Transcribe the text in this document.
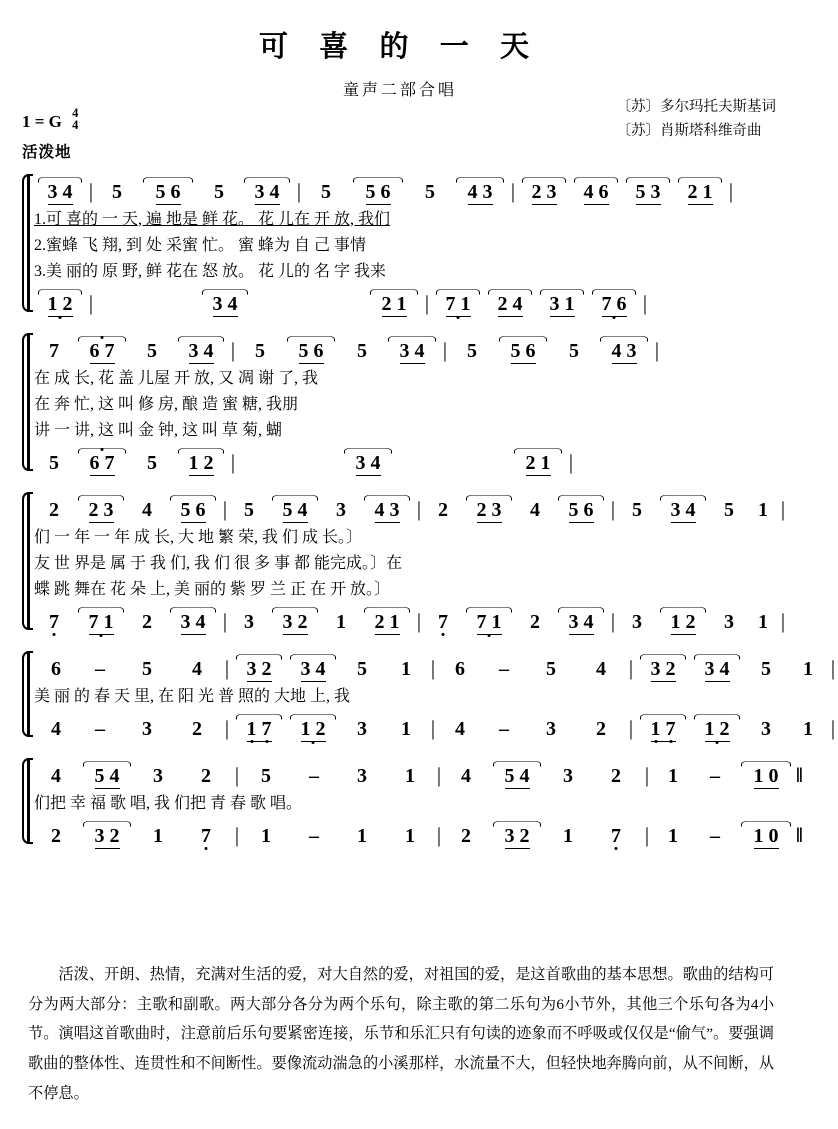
可 喜 的 一 天
童声二部合唱
〔苏〕多尔玛托夫斯基词
〔苏〕肖斯塔科维奇曲
1 = G 4
4
活泼地
3 4 | 5	5 6	5	3 4 | 5	5 6	5	4 3 | 2 3	4 6	5 3	2 1 |
1.可 喜的 一 天, 遍 地是 鲜 花。 花 儿在 开 放, 我们
2.蜜蜂 飞 翔, 到 处 采蜜 忙。 蜜 蜂为 自 己 事情
3.美 丽的 原 野, 鲜 花在 怒 放。 花 儿的 名 字 我来
1 2 |	3 4	2 1 | 7 1	2 4	3 1	7 6 |
7	6 7	5	3 4 | 5	5 6	5	3 4 | 5	5 6	5	4 3 |
在 成 长, 花 盖 儿屋 开 放, 又 凋 谢 了, 我
在 奔 忙, 这 叫 修 房, 酿 造 蜜 糖, 我朋
讲 一 讲, 这 叫 金 钟, 这 叫 草 菊, 蝴
5	6 7	5	1 2 |	3 4	2 1 |
2	2 3	4	5 6 | 5	5 4	3	4 3 | 2	2 3	4	5 6 | 5	3 4	5	1 |
们 一 年 一 年 成 长, 大 地 繁 荣, 我 们 成 长。〕
友 世 界是 属 于 我 们, 我 们 很 多 事 都 能完成。〕在
蝶 跳 舞在 花 朵 上, 美 丽的 紫 罗 兰 正 在 开 放。〕
7	7 1	2	3 4 | 3	3 2	1	2 1 | 7	7 1	2	3 4 | 3	1 2	3	1 |
6	–	5	4	| 3 2	3 4	5	1 | 6	–	5	4	| 3 2	3 4	5	1 |
美 丽 的 春 天 里, 在 阳 光 普 照的 大地 上, 我
4	–	3	2	| 1 7	1 2	3	1 | 4	–	3	2	| 1 7	1 2	3	1 |
4	5 4	3	2	|	5	–	3	1	| 4	5 4	3	2	| 1	–	1 0 ‖
们把 幸 福 歌 唱, 我 们把 青 春 歌 唱。
2	3 2	1	7	|	1	–	1	1	| 2	3 2	1	7	| 1	–	1 0 ‖
活泼、开朗、热情，充满对生活的爱，对大自然的爱，对祖国的爱，是这首歌曲的基本思想。歌曲的结构可分为两大部分：主歌和副歌。两大部分各分为两个乐句，除主歌的第二乐句为6小节外，其他三个乐句各为4小节。演唱这首歌曲时，注意前后乐句要紧密连接，乐节和乐汇只有句读的迹象而不呼吸或仅仅是“偷气”。要强调歌曲的整体性、连贯性和不间断性。要像流动湍急的小溪那样，水流量不大，但轻快地奔腾向前，从不间断，从不停息。
